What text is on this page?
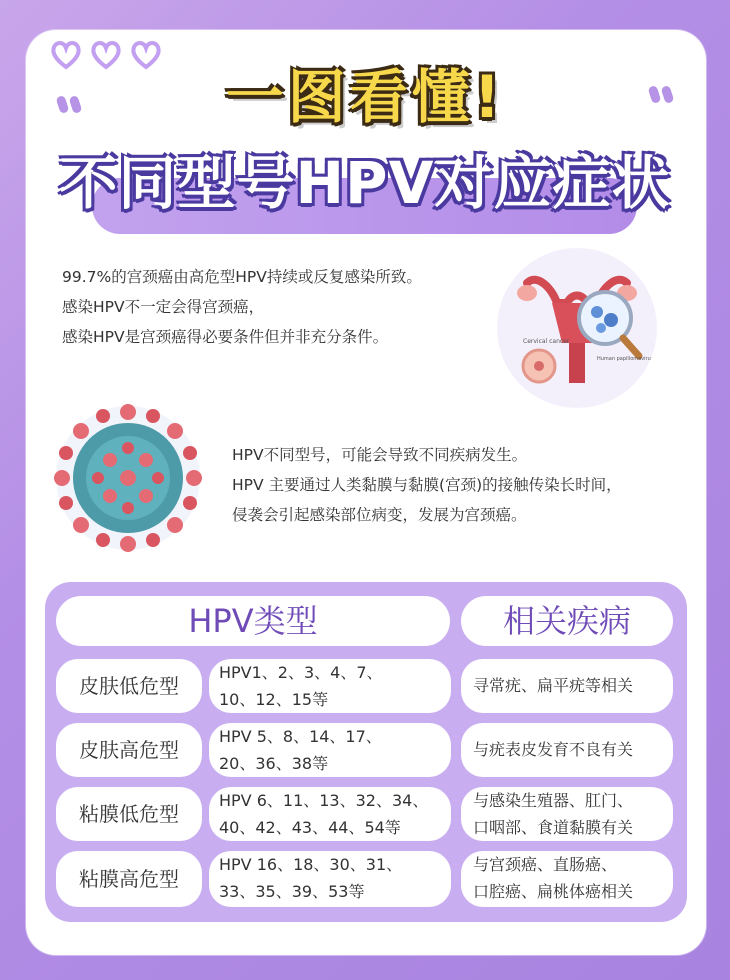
一图看懂!
不同型号HPV对应症状
99.7%的宫颈癌由高危型HPV持续或反复感染所致。
感染HPV不一定会得宫颈癌，
感染HPV是宫颈癌得必要条件但并非充分条件。	Cervical cancer
Human papillomavirus
HPV不同型号，可能会导致不同疾病发生。
HPV 主要通过人类黏膜与黏膜(宫颈)的接触传染长时间，
侵袭会引起感染部位病变，发展为宫颈癌。
HPV类型	相关疾病
皮肤低危型
HPV1、2、3、4、7、
10、12、15等
寻常疣、扁平疣等相关
皮肤高危型
HPV 5、8、14、17、
20、36、38等
与疣表皮发育不良有关
粘膜低危型
HPV 6、11、13、32、34、
40、42、43、44、54等
与感染生殖器、肛门、
口咽部、食道黏膜有关
粘膜高危型
HPV 16、18、30、31、
33、35、39、53等
与宫颈癌、直肠癌、
口腔癌、扁桃体癌相关
